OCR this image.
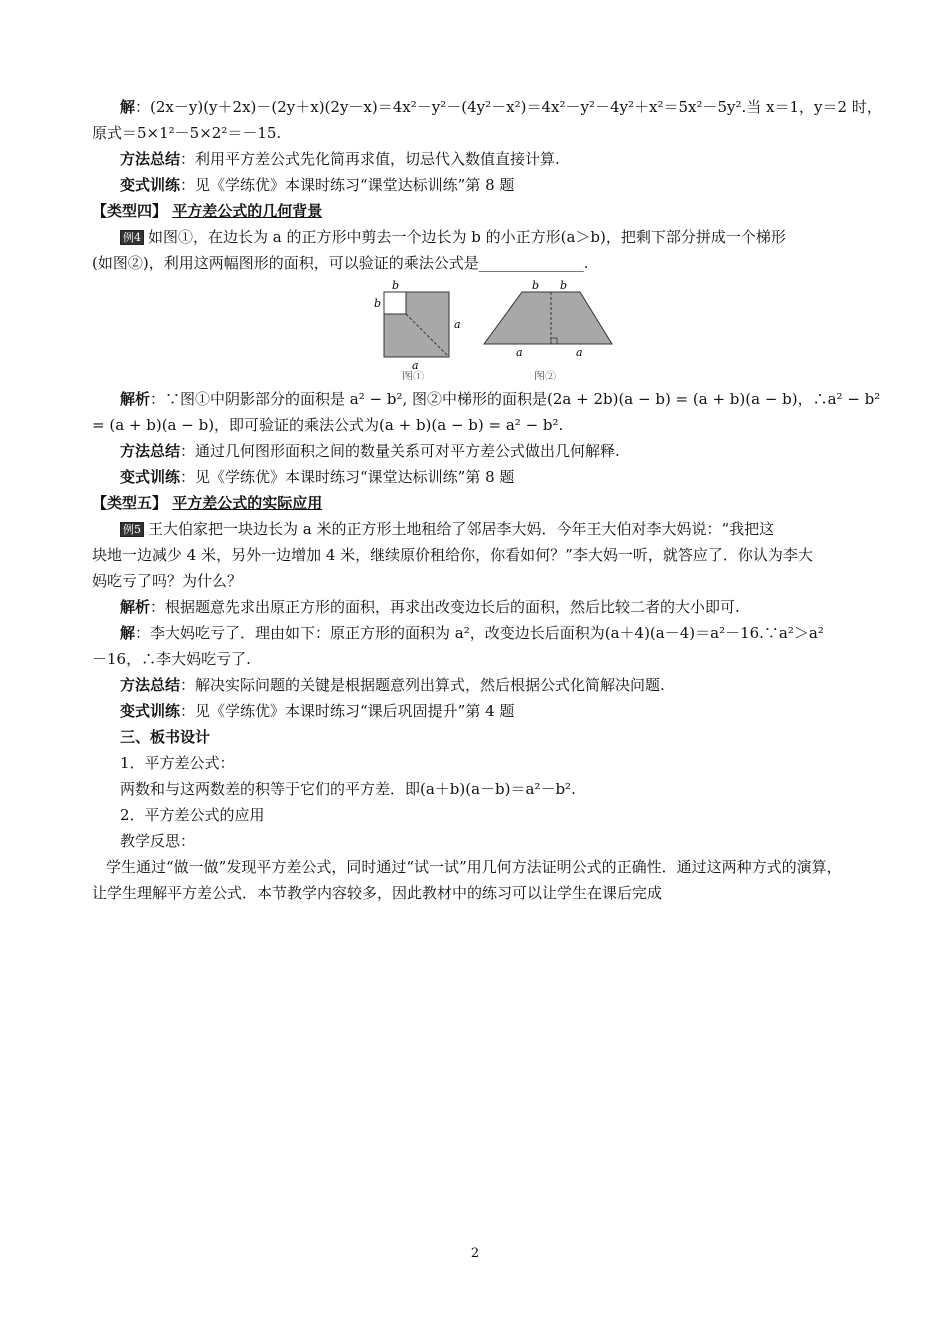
解：(2x－y)(y＋2x)－(2y＋x)(2y－x)＝4x²－y²－(4y²－x²)＝4x²－y²－4y²＋x²＝5x²－5y².当 x＝1，y＝2 时，
原式＝5×1²－5×2²＝－15.
方法总结：利用平方差公式先化简再求值，切忌代入数值直接计算.
变式训练：见《学练优》本课时练习“课堂达标训练”第 8 题
【类型四】 平方差公式的几何背景
例4 如图①，在边长为 a 的正方形中剪去一个边长为 b 的小正方形(a＞b)，把剩下部分拼成一个梯形
(如图②)，利用这两幅图形的面积，可以验证的乘法公式是______________.
b
b
a
a
图①
b b
a	a
图②
解析：∵图①中阴影部分的面积是 a² − b², 图②中梯形的面积是(2a + 2b)(a − b) = (a + b)(a − b)，∴a² − b²
= (a + b)(a − b)，即可验证的乘法公式为(a + b)(a − b) = a² − b².
方法总结：通过几何图形面积之间的数量关系可对平方差公式做出几何解释.
变式训练：见《学练优》本课时练习“课堂达标训练”第 8 题
【类型五】 平方差公式的实际应用
例5 王大伯家把一块边长为 a 米的正方形土地租给了邻居李大妈．今年王大伯对李大妈说：“我把这
块地一边减少 4 米，另外一边增加 4 米，继续原价租给你，你看如何？”李大妈一听，就答应了．你认为李大
妈吃亏了吗？为什么？
解析：根据题意先求出原正方形的面积，再求出改变边长后的面积，然后比较二者的大小即可.
解：李大妈吃亏了．理由如下：原正方形的面积为 a²，改变边长后面积为(a＋4)(a－4)＝a²－16.∵a²＞a²
－16，∴李大妈吃亏了.
方法总结：解决实际问题的关键是根据题意列出算式，然后根据公式化简解决问题.
变式训练：见《学练优》本课时练习“课后巩固提升”第 4 题
三、板书设计
1．平方差公式：
两数和与这两数差的积等于它们的平方差．即(a＋b)(a－b)＝a²－b².
2．平方差公式的应用
教学反思：
学生通过“做一做”发现平方差公式，同时通过“试一试”用几何方法证明公式的正确性．通过这两种方式的演算，让学生理解平方差公式．本节教学内容较多，因此教材中的练习可以让学生在课后完成
2
